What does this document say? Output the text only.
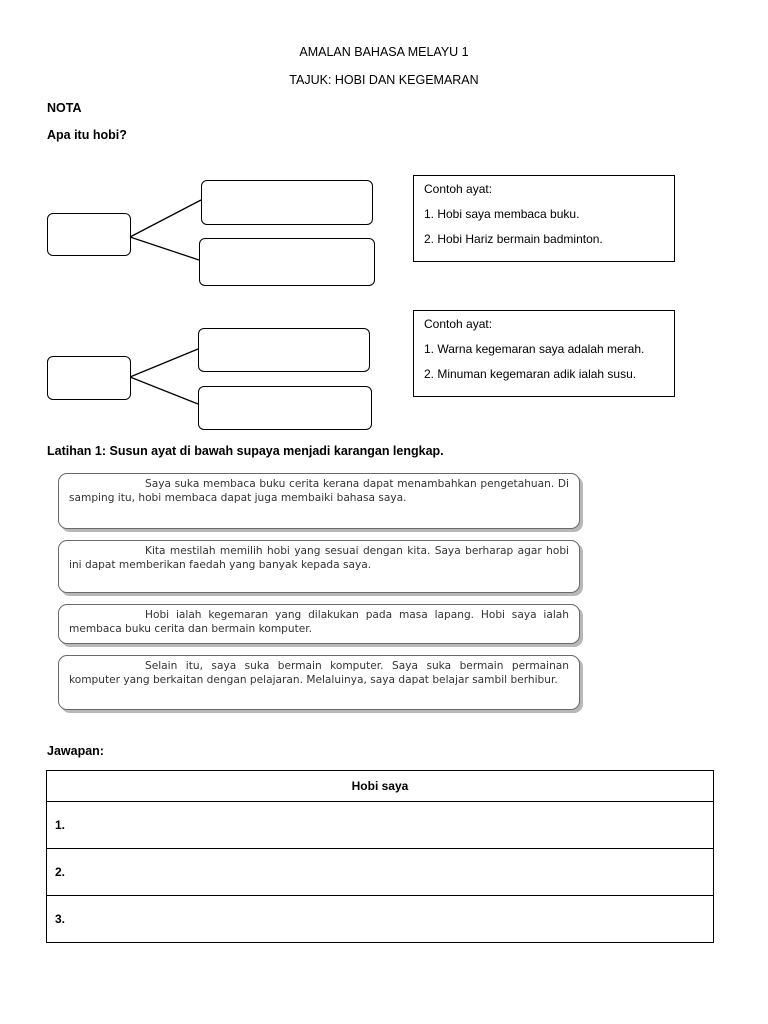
AMALAN BAHASA MELAYU 1
TAJUK: HOBI DAN KEGEMARAN
NOTA
Apa itu hobi?
Contoh ayat:
1. Hobi saya membaca buku.
2. Hobi Hariz bermain badminton.
Contoh ayat:
1. Warna kegemaran saya adalah merah.
2. Minuman kegemaran adik ialah susu.
Latihan 1: Susun ayat di bawah supaya menjadi karangan lengkap.
Saya suka membaca buku cerita kerana dapat menambahkan pengetahuan. Di samping itu, hobi membaca dapat juga membaiki bahasa saya.
Kita mestilah memilih hobi yang sesuai dengan kita. Saya berharap agar hobi ini dapat memberikan faedah yang banyak kepada saya.
Hobi ialah kegemaran yang dilakukan pada masa lapang. Hobi saya ialah membaca buku cerita dan bermain komputer.
Selain itu, saya suka bermain komputer. Saya suka bermain permainan komputer yang berkaitan dengan pelajaran. Melaluinya, saya dapat belajar sambil berhibur.
Jawapan:
Hobi saya
1.
2.
3.
